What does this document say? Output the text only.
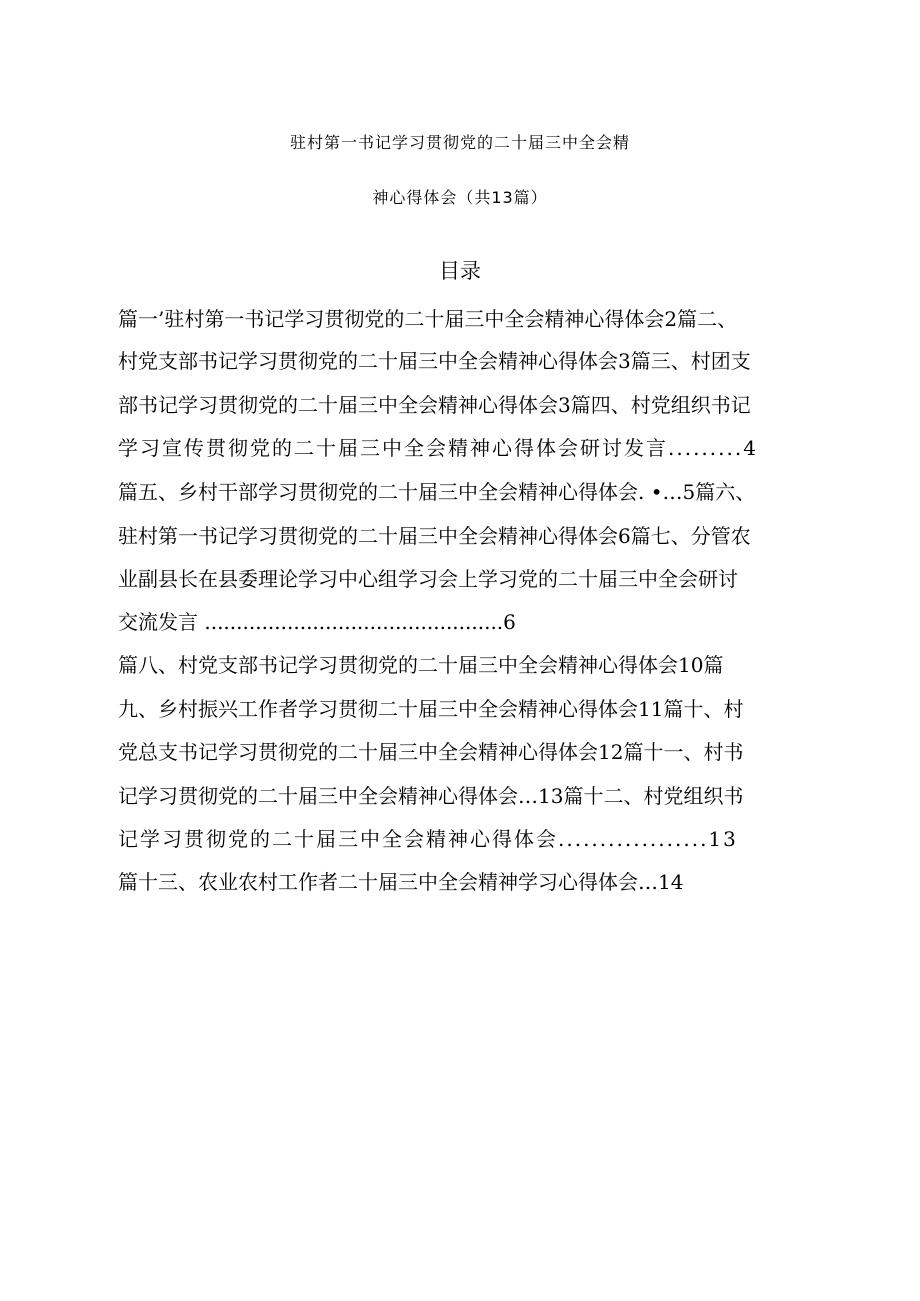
驻村第一书记学习贯彻党的二十届三中全会精
神心得体会（共13篇）
目录
篇一’驻村第一书记学习贯彻党的二十届三中全会精神心得体会2篇二、
村党支部书记学习贯彻党的二十届三中全会精神心得体会3篇三、村团支
部书记学习贯彻党的二十届三中全会精神心得体会3篇四、村党组织书记
学习宣传贯彻党的二十届三中全会精神心得体会研讨发言.........4
篇五、乡村干部学习贯彻党的二十届三中全会精神心得体会. •…5篇六、
驻村第一书记学习贯彻党的二十届三中全会精神心得体会6篇七、分管农
业副县长在县委理论学习中心组学习会上学习党的二十届三中全会研讨
交流发言 ...............................................6
篇八、村党支部书记学习贯彻党的二十届三中全会精神心得体会10篇
九、乡村振兴工作者学习贯彻二十届三中全会精神心得体会11篇十、村
党总支书记学习贯彻党的二十届三中全会精神心得体会12篇十一、村书
记学习贯彻党的二十届三中全会精神心得体会…13篇十二、村党组织书
记学习贯彻党的二十届三中全会精神心得体会..................13
篇十三、农业农村工作者二十届三中全会精神学习心得体会…14
